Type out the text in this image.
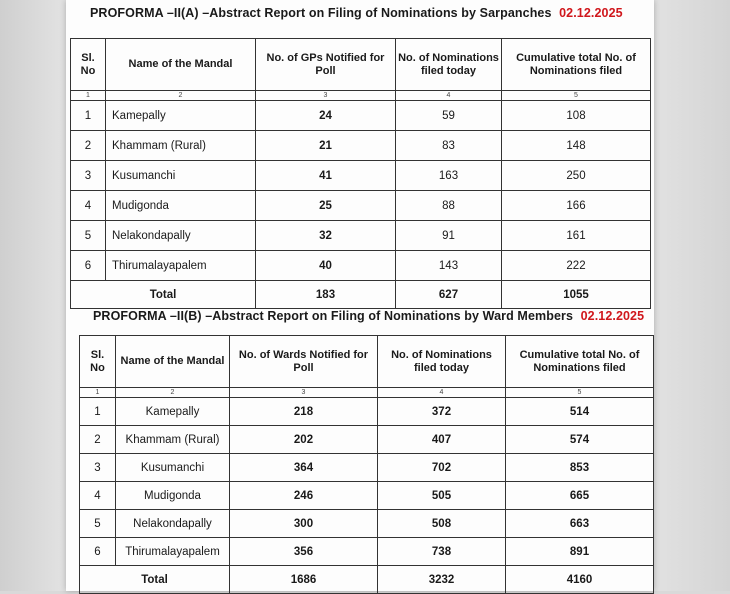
PROFORMA –II(A) –Abstract Report on Filing of Nominations by Sarpanches 02.12.2025
Sl. No	Name of the Mandal	No. of GPs Notified for Poll	No. of Nominations filed today	Cumulative total No. of Nominations filed
1	2	3	4	5
1	Kamepally	24	59	108
2	Khammam (Rural)	21	83	148
3	Kusumanchi	41	163	250
4	Mudigonda	25	88	166
5	Nelakondapally	32	91	161
6	Thirumalayapalem	40	143	222
Total		183	627	1055
PROFORMA –II(B) –Abstract Report on Filing of Nominations by Ward Members 02.12.2025
Sl. No	Name of the Mandal	No. of Wards Notified for Poll	No. of Nominations filed today	Cumulative total No. of Nominations filed
1	2	3	4	5
1	Kamepally	218	372	514
2	Khammam (Rural)	202	407	574
3	Kusumanchi	364	702	853
4	Mudigonda	246	505	665
5	Nelakondapally	300	508	663
6	Thirumalayapalem	356	738	891
Total		1686	3232	4160
